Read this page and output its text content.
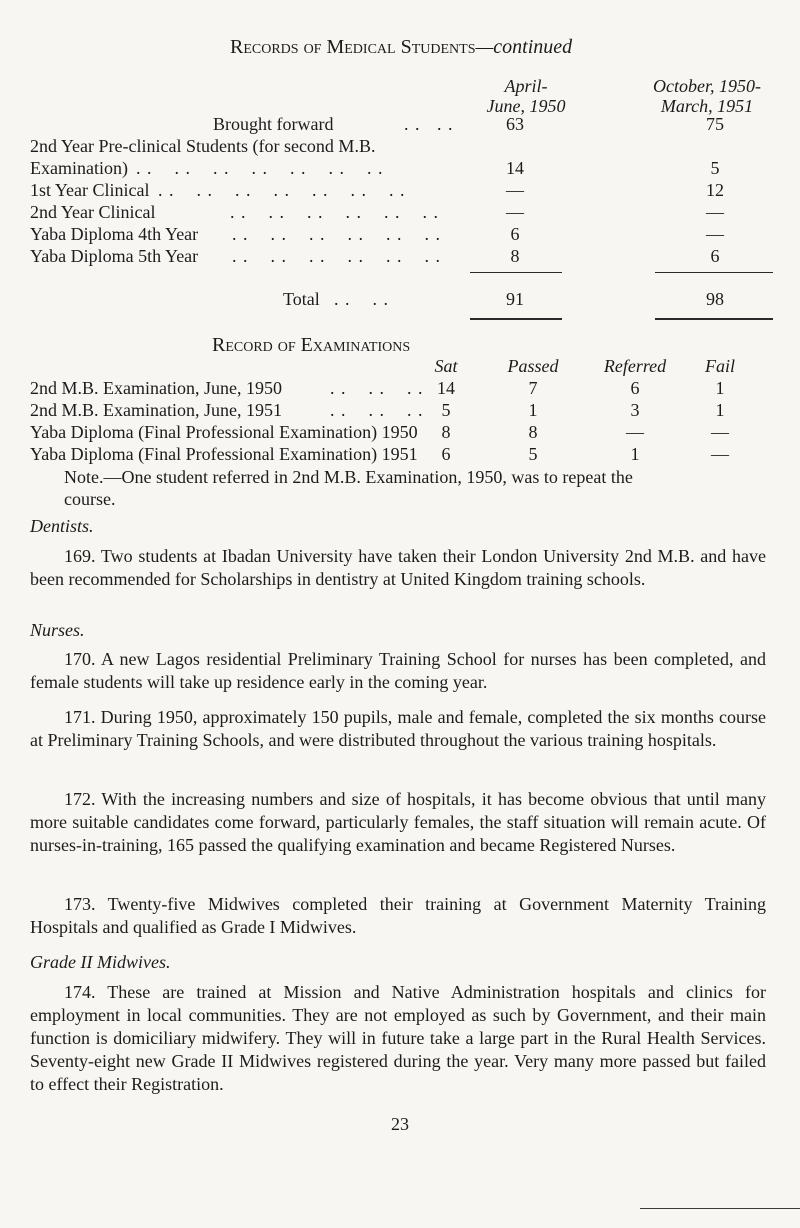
Records of Medical Students—continued
April-
June, 1950
October, 1950-
March, 1951
Brought forward	. .   . .	63	75
2nd Year Pre-clinical Students (for second M.B.
Examination) . .    . .    . .    . .    . .    . .    . .	14	5
1st Year Clinical . .    . .    . .    . .    . .    . .    . .	—	12
2nd Year Clinical	. .    . .    . .    . .    . .    . .	—	—
Yaba Diploma 4th Year . .    . .    . .    . .    . .    . .	6	—
Yaba Diploma 5th Year . .    . .    . .    . .    . .    . .	8	6
Total . .    . .	91	98
Record of Examinations
Sat	Passed	Referred	Fail
2nd M.B. Examination, June, 1950	. .    . .    . . 14	7	6	1
2nd M.B. Examination, June, 1951	. .    . .    . .	5	1	3	1
Yaba Diploma (Final Professional Examination) 1950	8	8	—	—
Yaba Diploma (Final Professional Examination) 1951	6	5	1	—
Note.—One student referred in 2nd M.B. Examination, 1950, was to repeat the
course.
Dentists.
169. Two students at Ibadan University have taken their London University 2nd M.B. and have been recommended for Scholarships in dentistry at United Kingdom training schools.
Nurses.
170. A new Lagos residential Preliminary Training School for nurses has been completed, and female students will take up residence early in the coming year.
171. During 1950, approximately 150 pupils, male and female, completed the six months course at Preliminary Training Schools, and were distributed throughout the various training hospitals.
172. With the increasing numbers and size of hospitals, it has become obvious that until many more suitable candidates come forward, particularly females, the staff situation will remain acute. Of nurses-in-training, 165 passed the qualifying examination and became Registered Nurses.
173. Twenty-five Midwives completed their training at Government Maternity Training Hospitals and qualified as Grade I Midwives.
Grade II Midwives.
174. These are trained at Mission and Native Administration hospitals and clinics for employment in local communities. They are not employed as such by Government, and their main function is domiciliary midwifery. They will in future take a large part in the Rural Health Services. Seventy-eight new Grade II Midwives registered during the year. Very many more passed but failed to effect their Registration.
23
